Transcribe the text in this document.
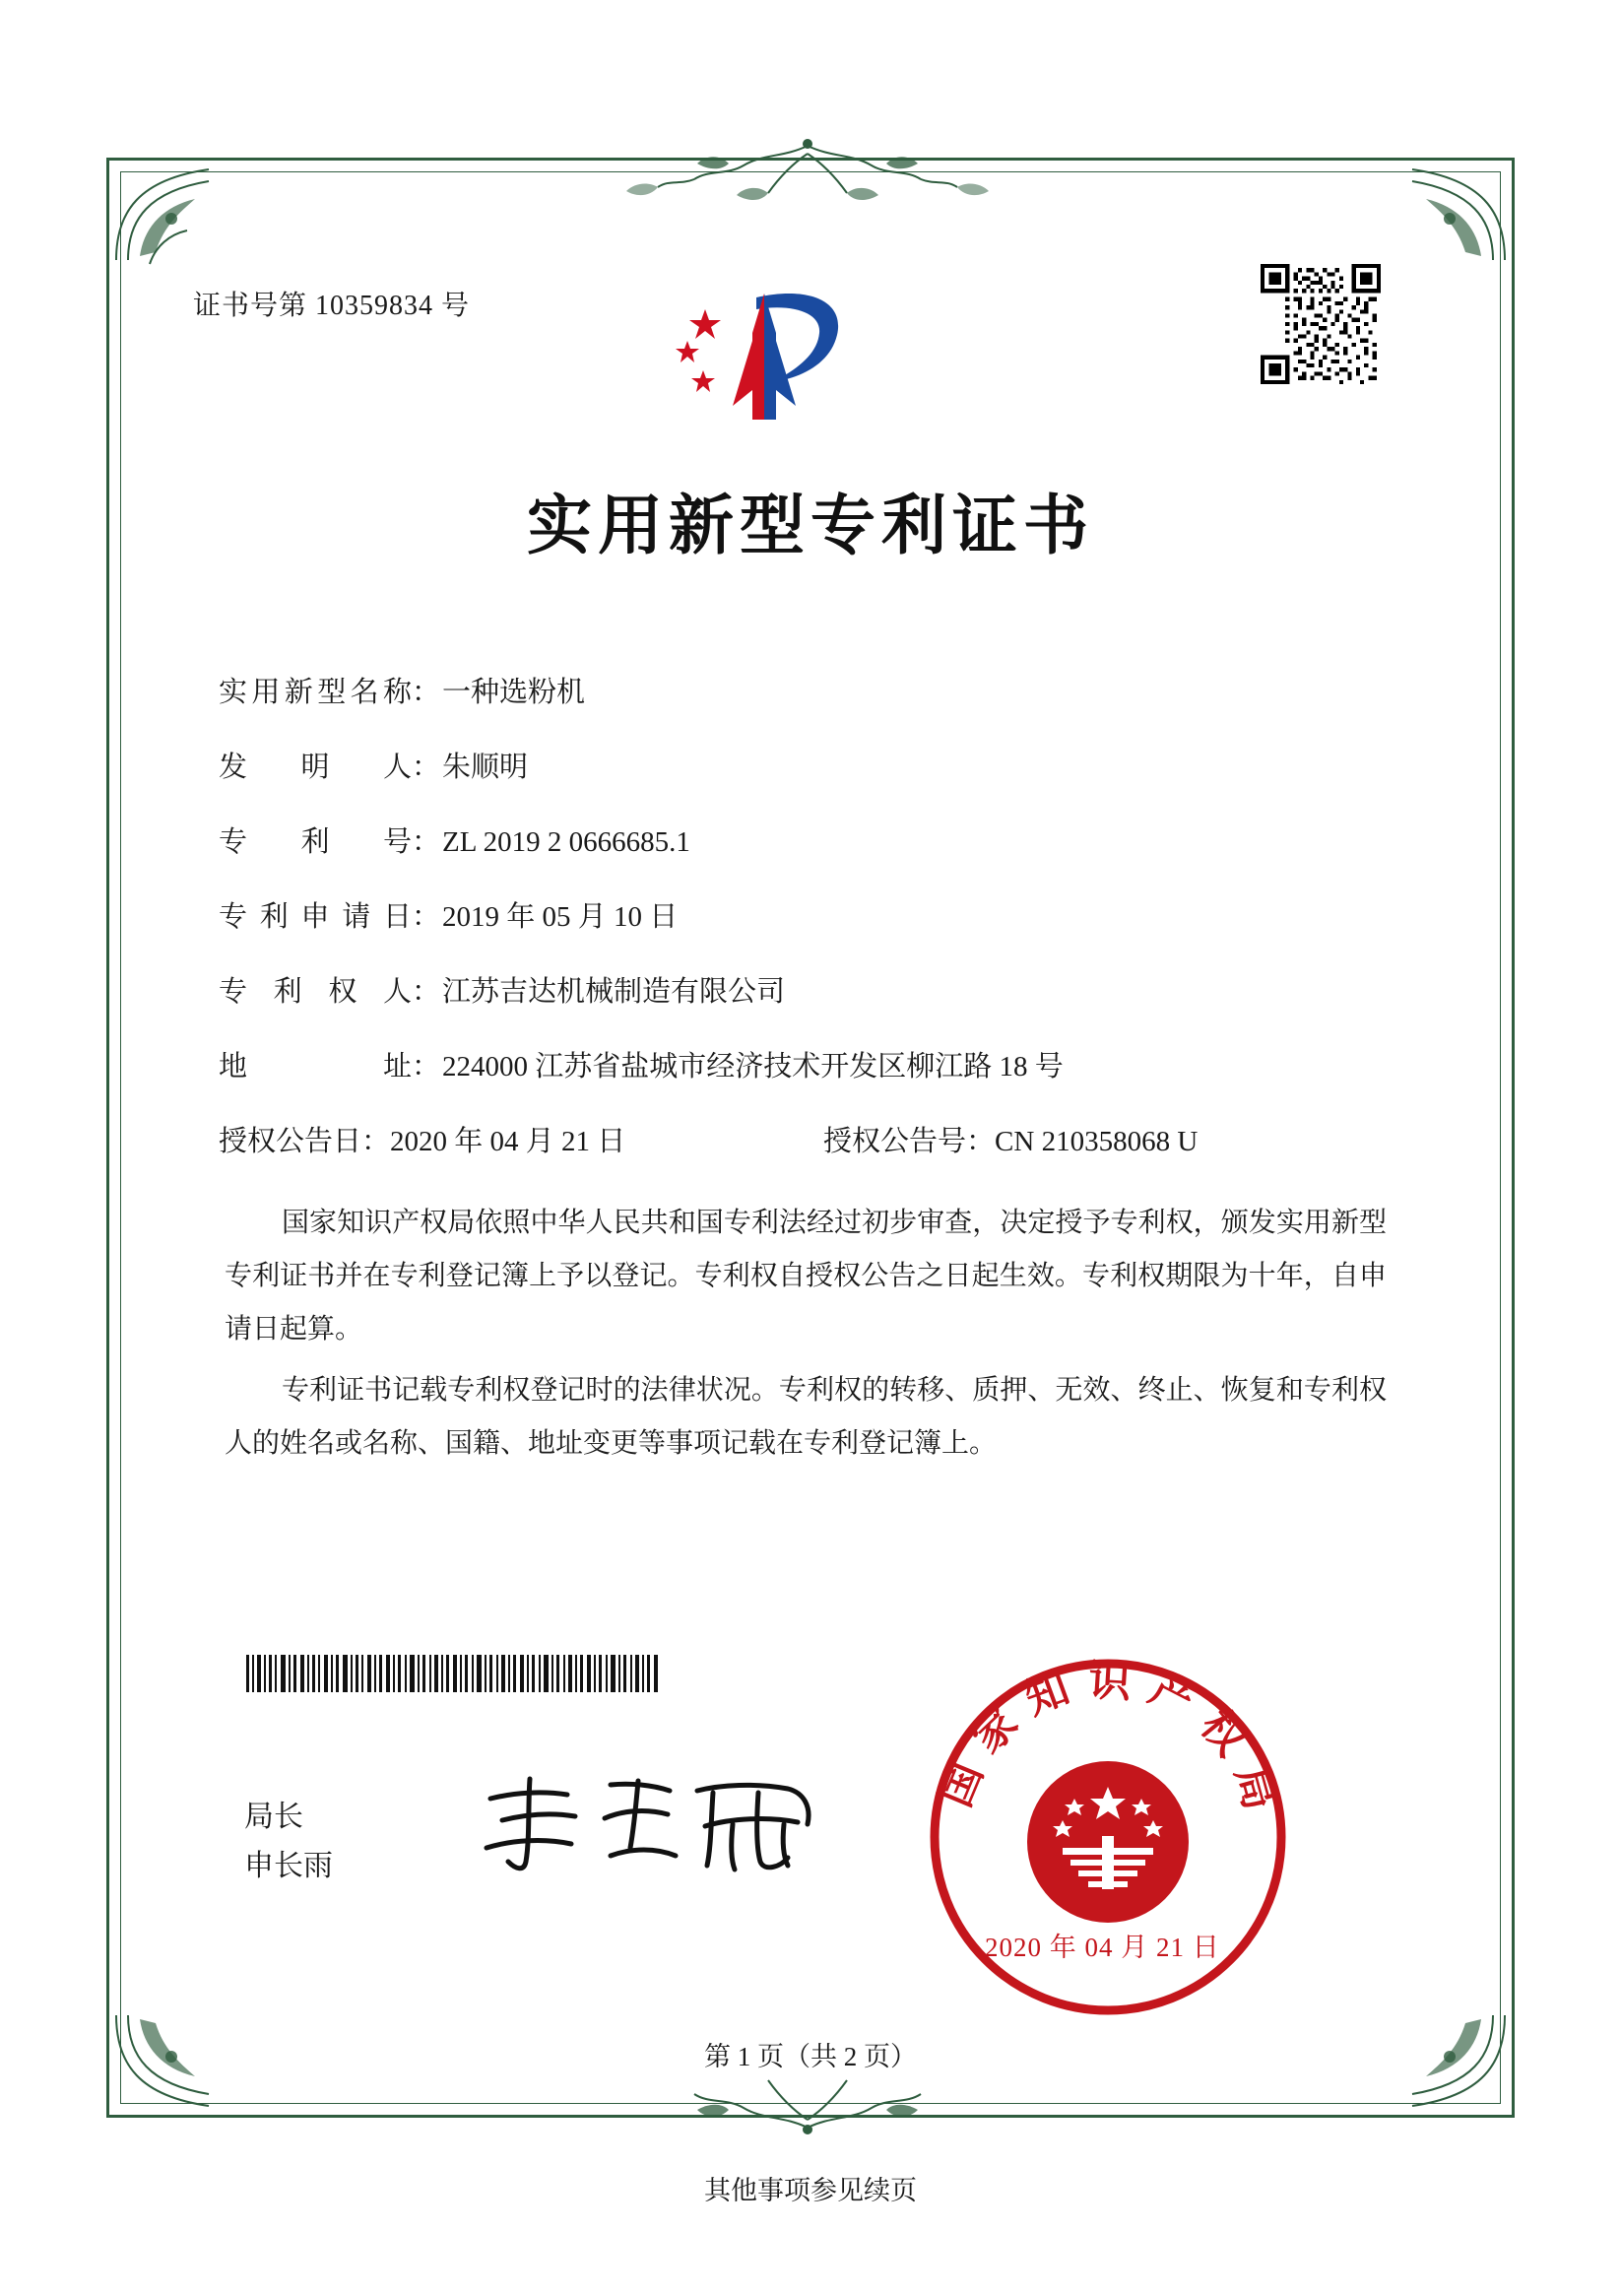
证书号第 10359834 号
实用新型专利证书
实用新型名称：一种选粉机
发明人：朱顺明
专利号：ZL 2019 2 0666685.1
专利申请日：2019 年 05 月 10 日
专利权人：江苏吉达机械制造有限公司
地址：224000 江苏省盐城市经济技术开发区柳江路 18 号
授权公告日：2020 年 04 月 21 日	授权公告号：CN 210358068 U

国家知识产权局依照中华人民共和国专利法经过初步审查，决定授予专利权，颁发实用新型专利证书并在专利登记簿上予以登记。专利权自授权公告之日起生效。专利权期限为十年，自申请日起算。

专利证书记载专利权登记时的法律状况。专利权的转移、质押、无效、终止、恢复和专利权人的姓名或名称、国籍、地址变更等事项记载在专利登记簿上。

局长
申长雨
国家知识产权局
2020 年 04 月 21 日
第 1 页（共 2 页）
其他事项参见续页
